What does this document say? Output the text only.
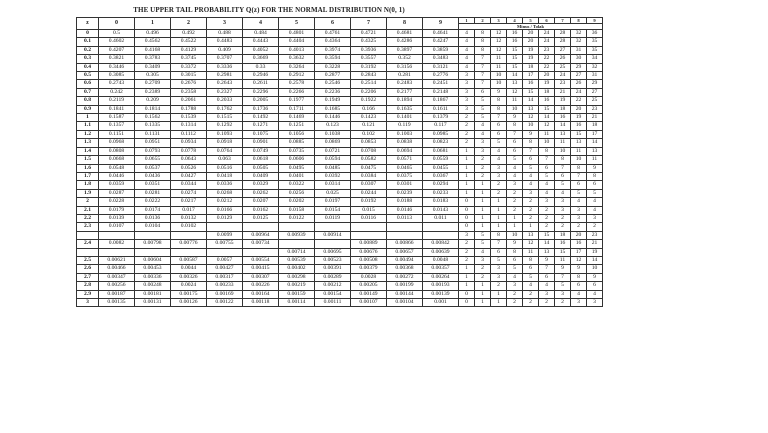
THE UPPER TAIL PROBABILITY Q(z) FOR THE NORMAL DISTRIBUTION N(0, 1)
z	0	1	2	3	4	5	6	7	8	9	1	2	3	4	5	6	7	8	9
											Minus / Tolak								
0	0.5	0.496	0.492	0.488	0.484	0.4801	0.4761	0.4721	0.4681	0.4641	4	8	12	16	20	24	28	32	36
0.1	0.4602	0.4562	0.4522	0.4483	0.4443	0.4404	0.4364	0.4325	0.4286	0.4247	4	8	12	16	20	24	28	32	35
0.2	0.4207	0.4168	0.4129	0.409	0.4052	0.4013	0.3974	0.3936	0.3897	0.3859	4	8	12	15	19	23	27	31	35
0.3	0.3821	0.3783	0.3745	0.3707	0.3669	0.3632	0.3594	0.3557	0.352	0.3483	4	7	11	15	19	22	26	30	34
0.4	0.3446	0.3409	0.3372	0.3336	0.33	0.3264	0.3228	0.3192	0.3156	0.3121	4	7	11	15	18	22	25	29	32
0.5	0.3085	0.305	0.3015	0.2981	0.2946	0.2912	0.2877	0.2843	0.281	0.2776	3	7	10	14	17	20	24	27	31
0.6	0.2743	0.2709	0.2676	0.2643	0.2611	0.2578	0.2546	0.2514	0.2483	0.2451	3	7	10	13	16	19	23	26	29
0.7	0.242	0.2389	0.2358	0.2327	0.2296	0.2266	0.2236	0.2206	0.2177	0.2148	3	6	9	12	15	18	21	24	27
0.8	0.2119	0.209	0.2061	0.2033	0.2005	0.1977	0.1949	0.1922	0.1894	0.1867	3	5	8	11	14	16	19	22	25
0.9	0.1841	0.1814	0.1788	0.1762	0.1736	0.1711	0.1685	0.166	0.1635	0.1611	3	5	8	10	13	15	18	20	23
1	0.1587	0.1562	0.1539	0.1515	0.1492	0.1469	0.1446	0.1423	0.1401	0.1379	2	5	7	9	12	14	16	19	21
1.1	0.1357	0.1335	0.1314	0.1292	0.1271	0.1251	0.123	0.121	0.119	0.117	2	4	6	8	10	12	14	16	18
1.2	0.1151	0.1131	0.1112	0.1093	0.1075	0.1056	0.1038	0.102	0.1003	0.0985	2	4	6	7	9	11	13	15	17
1.3	0.0968	0.0951	0.0934	0.0918	0.0901	0.0885	0.0869	0.0853	0.0838	0.0823	2	3	5	6	8	10	11	13	14
1.4	0.0808	0.0793	0.0778	0.0764	0.0749	0.0735	0.0721	0.0708	0.0694	0.0681	1	3	4	6	7	8	10	11	13
1.5	0.0668	0.0655	0.0643	0.063	0.0618	0.0606	0.0594	0.0582	0.0571	0.0559	1	2	4	5	6	7	8	10	11
1.6	0.0548	0.0537	0.0526	0.0516	0.0505	0.0495	0.0485	0.0475	0.0465	0.0455	1	2	3	4	5	6	7	8	9
1.7	0.0446	0.0436	0.0427	0.0418	0.0409	0.0401	0.0392	0.0384	0.0375	0.0367	1	2	3	4	4	5	6	7	8
1.8	0.0359	0.0351	0.0344	0.0336	0.0329	0.0322	0.0314	0.0307	0.0301	0.0294	1	1	2	3	4	4	5	6	6
1.9	0.0287	0.0281	0.0274	0.0268	0.0262	0.0256	0.025	0.0244	0.0239	0.0233	1	1	2	2	3	4	4	5	5
2	0.0228	0.0222	0.0217	0.0212	0.0207	0.0202	0.0197	0.0192	0.0188	0.0183	0	1	1	2	2	3	3	4	4
2.1	0.0179	0.0174	0.017	0.0166	0.0162	0.0158	0.0154	0.015	0.0146	0.0143	0	1	1	2	2	2	3	3	4
2.2	0.0139	0.0136	0.0132	0.0129	0.0125	0.0122	0.0119	0.0116	0.0113	0.011	0	1	1	1	2	2	2	3	3
2.3	0.0107	0.0104	0.0102								0	1	1	1	1	2	2	2	2
				0.0099	0.00964	0.00939	0.00914				3	5	8	10	13	15	18	20	23
2.4	0.0082	0.00798	0.00776	0.00755	0.00734			0.00889	0.00866	0.00842	2	5	7	9	12	14	16	16	21
						0.00714	0.00695	0.00676	0.00657	0.00639	2	4	6	8	11	13	15	17	19
2.5	0.00621	0.00604	0.00587	0.0057	0.00554	0.00539	0.00523	0.00508	0.00494	0.0048	2	3	5	6	8	9	11	12	14
2.6	0.00466	0.00453	0.0044	0.00427	0.00415	0.00402	0.00391	0.00379	0.00368	0.00357	1	2	3	5	6	7	9	9	10
2.7	0.00347	0.00336	0.00326	0.00317	0.00307	0.00298	0.00289	0.0028	0.00272	0.00264	1	2	3	4	5	6	7	8	9
2.8	0.00256	0.00248	0.0024	0.00233	0.00226	0.00219	0.00212	0.00205	0.00199	0.00193	1	1	2	3	4	4	5	6	6
2.9	0.00187	0.00181	0.00175	0.00169	0.00164	0.00159	0.00154	0.00149	0.00144	0.00139	0	1	1	2	2	3	3	4	4
3	0.00135	0.00131	0.00126	0.00122	0.00118	0.00114	0.00111	0.00107	0.00104	0.001	0	1	1	2	2	2	2	3	3
